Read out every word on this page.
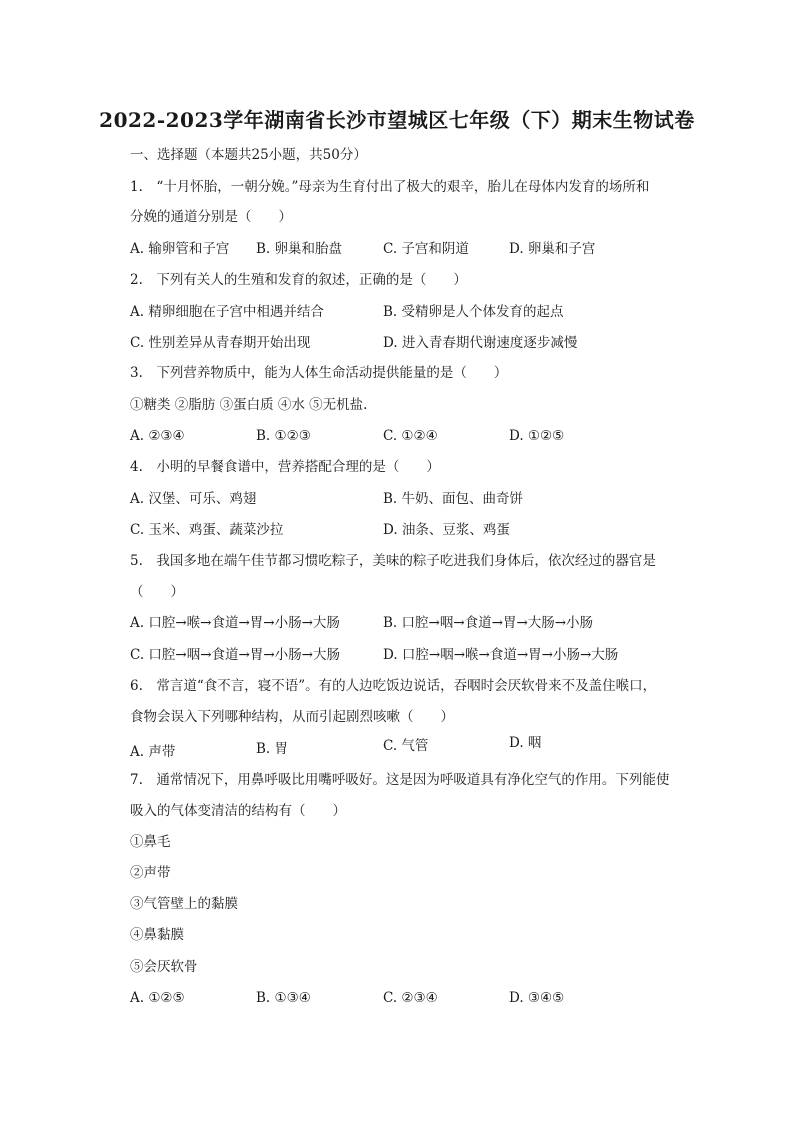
2022-2023学年湖南省长沙市望城区七年级（下）期末生物试卷
一、选择题（本题共25小题，共50分）
1.　“十月怀胎，一朝分娩。”母亲为生育付出了极大的艰辛，胎儿在母体内发育的场所和
分娩的通道分别是（　　）
A. 输卵管和子宫 B. 卵巢和胎盘	C. 子宫和阴道	D. 卵巢和子宫
2.　下列有关人的生殖和发育的叙述，正确的是（　　）
A. 精卵细胞在子宫中相遇并结合	B. 受精卵是人个体发育的起点
C. 性别差异从青春期开始出现	D. 进入青春期代谢速度逐步减慢
3.　下列营养物质中，能为人体生命活动提供能量的是（　　）
①糖类 ②脂肪 ③蛋白质 ④水 ⑤无机盐.
A. ②③④	B. ①②③	C. ①②④	D. ①②⑤
4.　小明的早餐食谱中，营养搭配合理的是（　　）
A. 汉堡、可乐、鸡翅	B. 牛奶、面包、曲奇饼
C. 玉米、鸡蛋、蔬菜沙拉	D. 油条、豆浆、鸡蛋
5.　我国多地在端午佳节都习惯吃粽子，美味的粽子吃进我们身体后，依次经过的器官是
（　　）
A. 口腔→喉→食道→胃→小肠→大肠	B. 口腔→咽→食道→胃→大肠→小肠
C. 口腔→咽→食道→胃→小肠→大肠	D. 口腔→咽→喉→食道→胃→小肠→大肠
6.　常言道“食不言，寝不语”。有的人边吃饭边说话，吞咽时会厌软骨来不及盖住喉口，
食物会误入下列哪种结构，从而引起剧烈咳嗽（　　）
A. 声带	B. 胃	C. 气管	D. 咽
7.　通常情况下，用鼻呼吸比用嘴呼吸好。这是因为呼吸道具有净化空气的作用。下列能使
吸入的气体变清洁的结构有（　　）
①鼻毛
②声带
③气管壁上的黏膜
④鼻黏膜
⑤会厌软骨
A. ①②⑤	B. ①③④	C. ②③④	D. ③④⑤
